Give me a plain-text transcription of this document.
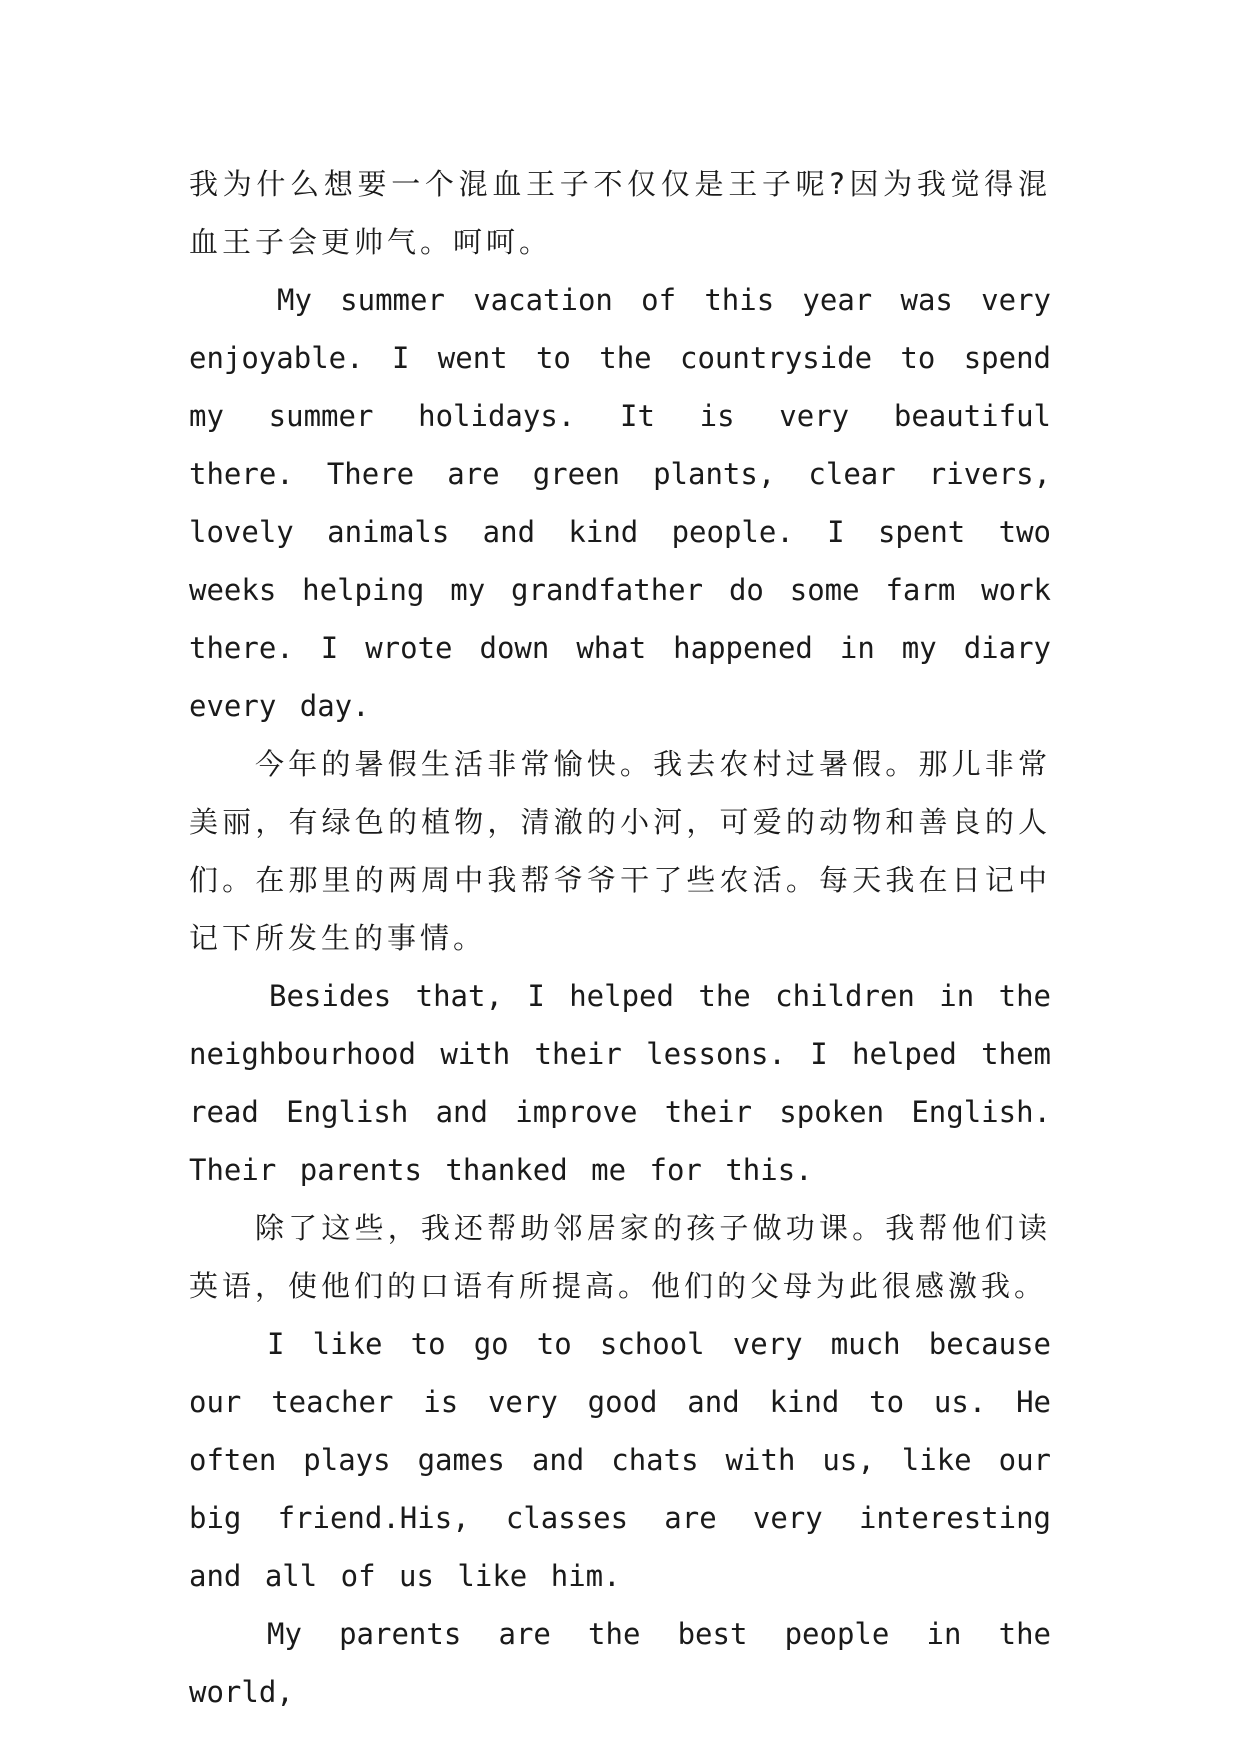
我为什么想要一个混血王子不仅仅是王子呢?因为我觉得混血王子会更帅气。呵呵。

My summer vacation of this year was very enjoyable. I went to the countryside to spend my summer holidays. It is very beautiful there. There are green plants, clear rivers, lovely animals and kind people. I spent two weeks helping my grandfather do some farm work there. I wrote down what happened in my diary every day.

今年的暑假生活非常愉快。我去农村过暑假。那儿非常美丽，有绿色的植物，清澈的小河，可爱的动物和善良的人们。在那里的两周中我帮爷爷干了些农活。每天我在日记中记下所发生的事情。

Besides that, I helped the children in the neighbourhood with their lessons. I helped them read English and improve their spoken English. Their parents thanked me for this.

除了这些，我还帮助邻居家的孩子做功课。我帮他们读英语，使他们的口语有所提高。他们的父母为此很感激我。

I like to go to school very much because our teacher is very good and kind to us. He often plays games and chats with us, like our big friend.His, classes are very interesting and all of us like him.

My parents are the best people in the world,
